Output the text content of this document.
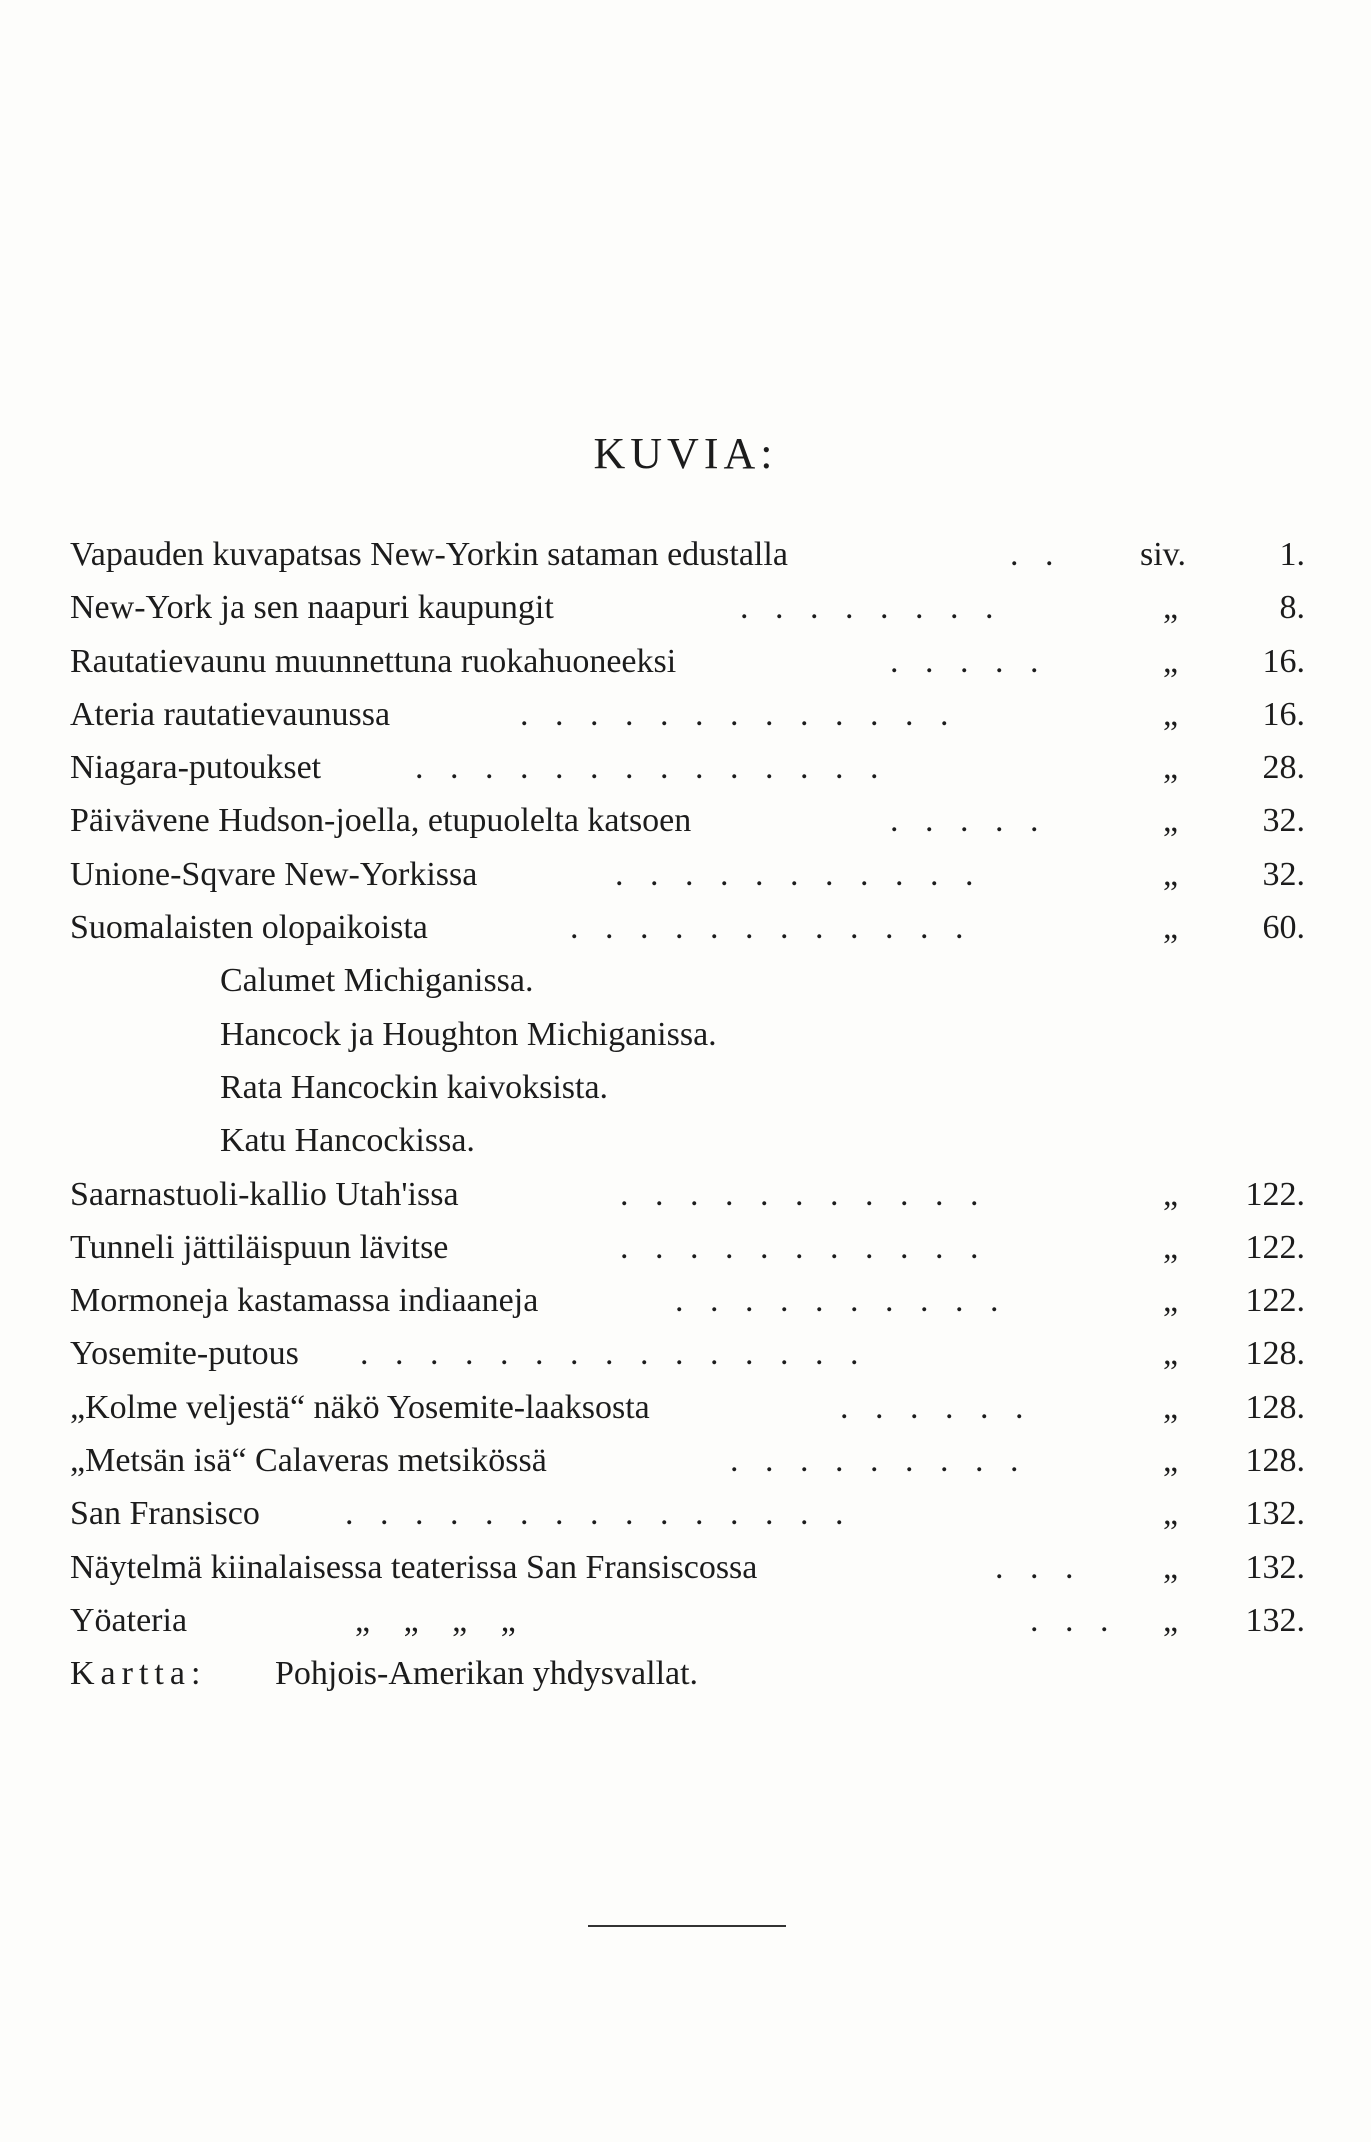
KUVIA:
Vapauden kuvapatsas New-Yorkin sataman edustalla	. . siv.	1.
New-York ja sen naapuri kaupungit	. . . . . . . .	„	8.
Rautatievaunu muunnettuna ruokahuoneeksi	. . . . .	„ 16.
Ateria rautatievaunussa	. . . . . . . . . . . . .	„ 16.
Niagara-putoukset	. . . . . . . . . . . . . .	„ 28.
Päivävene Hudson-joella, etupuolelta katsoen	. . . . .	„ 32.
Unione-Sqvare New-Yorkissa	. . . . . . . . . . .	„ 32.
Suomalaisten olopaikoista	. . . . . . . . . . . .	„ 60.
Calumet Michiganissa.
Hancock ja Houghton Michiganissa.
Rata Hancockin kaivoksista.
Katu Hancockissa.
Saarnastuoli-kallio Utah'issa	. . . . . . . . . . .	„ 122.
Tunneli jättiläispuun lävitse	. . . . . . . . . . .	„ 122.
Mormoneja kastamassa indiaaneja	. . . . . . . . . .	„ 122.
Yosemite-putous . . . . . . . . . . . . . . .	„ 128.
„Kolme veljestä“ näkö Yosemite-laaksosta	. . . . . .	„ 128.
„Metsän isä“ Calaveras metsikössä	. . . . . . . . .	„ 128.
San Fransisco	. . . . . . . . . . . . . . .	„ 132.
Näytelmä kiinalaisessa teaterissa San Fransiscossa	. . . „ 132.
Yöateria	„   „   „   „	. . . „ 132.
Kartta: Pohjois-Amerikan yhdysvallat.
